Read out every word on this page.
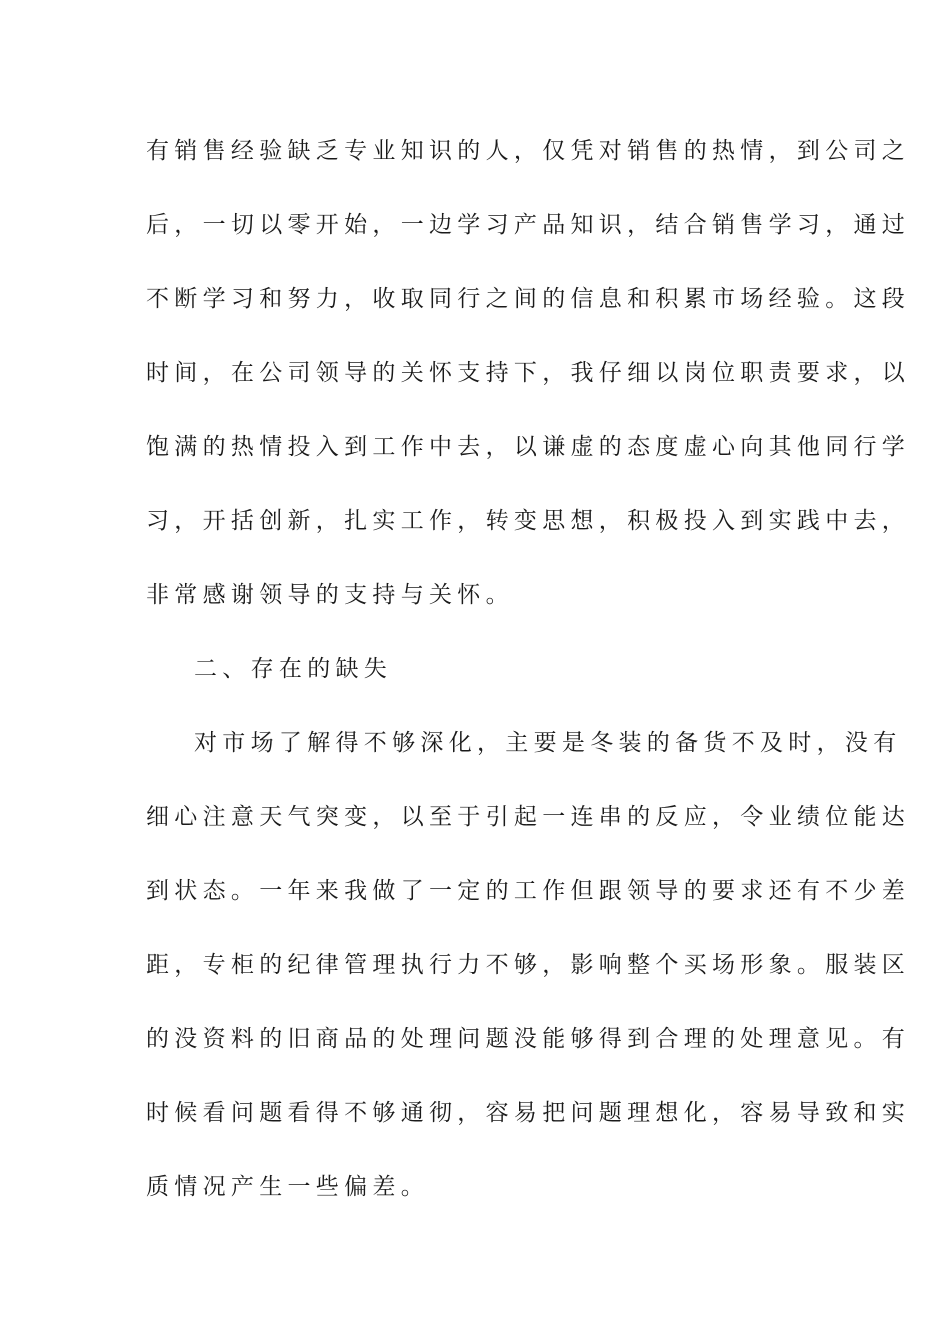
有销售经验缺乏专业知识的人，仅凭对销售的热情，到公司之
后，一切以零开始，一边学习产品知识，结合销售学习，通过
不断学习和努力，收取同行之间的信息和积累市场经验。这段
时间，在公司领导的关怀支持下，我仔细以岗位职责要求，以
饱满的热情投入到工作中去，以谦虚的态度虚心向其他同行学
习，开括创新，扎实工作，转变思想，积极投入到实践中去，
非常感谢领导的支持与关怀。
二、存在的缺失
对市场了解得不够深化，主要是冬装的备货不及时，没有
细心注意天气突变，以至于引起一连串的反应，令业绩位能达
到状态。一年来我做了一定的工作但跟领导的要求还有不少差
距，专柜的纪律管理执行力不够，影响整个买场形象。服装区
的没资料的旧商品的处理问题没能够得到合理的处理意见。有
时候看问题看得不够通彻，容易把问题理想化，容易导致和实
质情况产生一些偏差。
